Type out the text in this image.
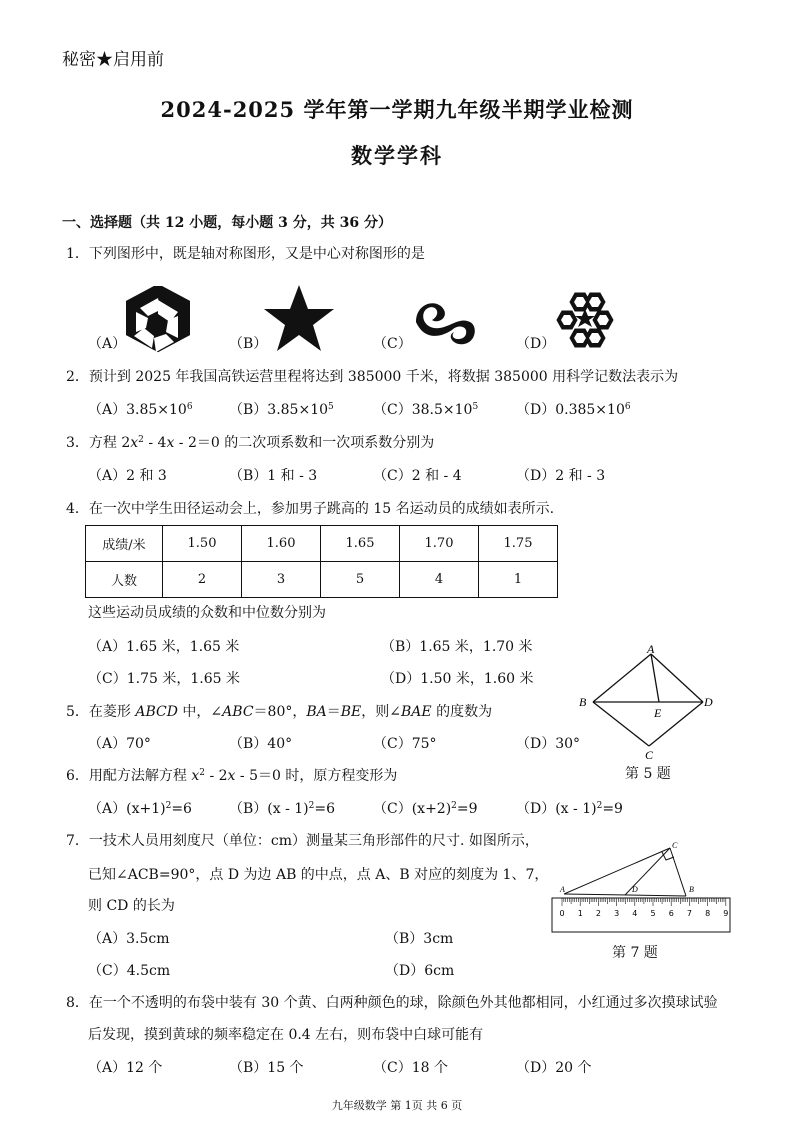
秘密★启用前
2024-2025 学年第一学期九年级半期学业检测
数学学科
一、选择题（共 12 小题，每小题 3 分，共 36 分）
1．下列图形中，既是轴对称图形，又是中心对称图形的是
（A）	（B）	（C）	（D）
2．预计到 2025 年我国高铁运营里程将达到 385000 千米，将数据 385000 用科学记数法表示为
$(A)3.85\times 10^6$	$(B)3.85\times 10^5$	$(C)38.5\times 10^5$	$(D)0.385\times 10^6$
3．方程 $2x^2 - 4x - 2=0$ 的二次项系数和一次项系数分别为
（A）2 和 3	（B）1 和 - 3	（C）2 和 - 4	（D）2 和 - 3
4．在一次中学生田径运动会上，参加男子跳高的 15 名运动员的成绩如表所示.
成绩/米	1.50	1.60	1.65	1.70	1.75
人数	2	3	5	4	1
这些运动员成绩的众数和中位数分别为
（A）1.65 米，1.65 米	（B）1.65 米，1.70 米
（C）1.75 米，1.65 米	（D）1.50 米，1.60 米
A
B	D
E
C
第 5 题
5．在菱形 ABCD 中，∠ABC＝80°，BA＝BE，则∠BAE 的度数为
（A）70°	（B）40°	（C）75°	（D）30°
6．用配方法解方程 $x^2 - 2x - 5=0$ 时，原方程变形为
$(A)(x+1)^2=6$	（B）(x - 1)$^2$=6	$(C)(x+2)^2=9$	（D）(x - 1)$^2$=9
7．一技术人员用刻度尺（单位：cm）测量某三角形部件的尺寸. 如图所示，
已知∠ACB=90°，点 D 为边 AB 的中点，点 A、B 对应的刻度为 1、7，
则 CD 的长为
（A）3.5cm	（B）3cm
（C）4.5cm	（D）6cm
0 1 2 3 4 5 6 7 8 9
A
C
D	B
第 7 题
8．在一个不透明的布袋中装有 30 个黄、白两种颜色的球，除颜色外其他都相同，小红通过多次摸球试验
后发现，摸到黄球的频率稳定在 0.4 左右，则布袋中白球可能有
（A）12 个	（B）15 个	（C）18 个	（D）20 个
九年级数学 第 1页 共 6 页
